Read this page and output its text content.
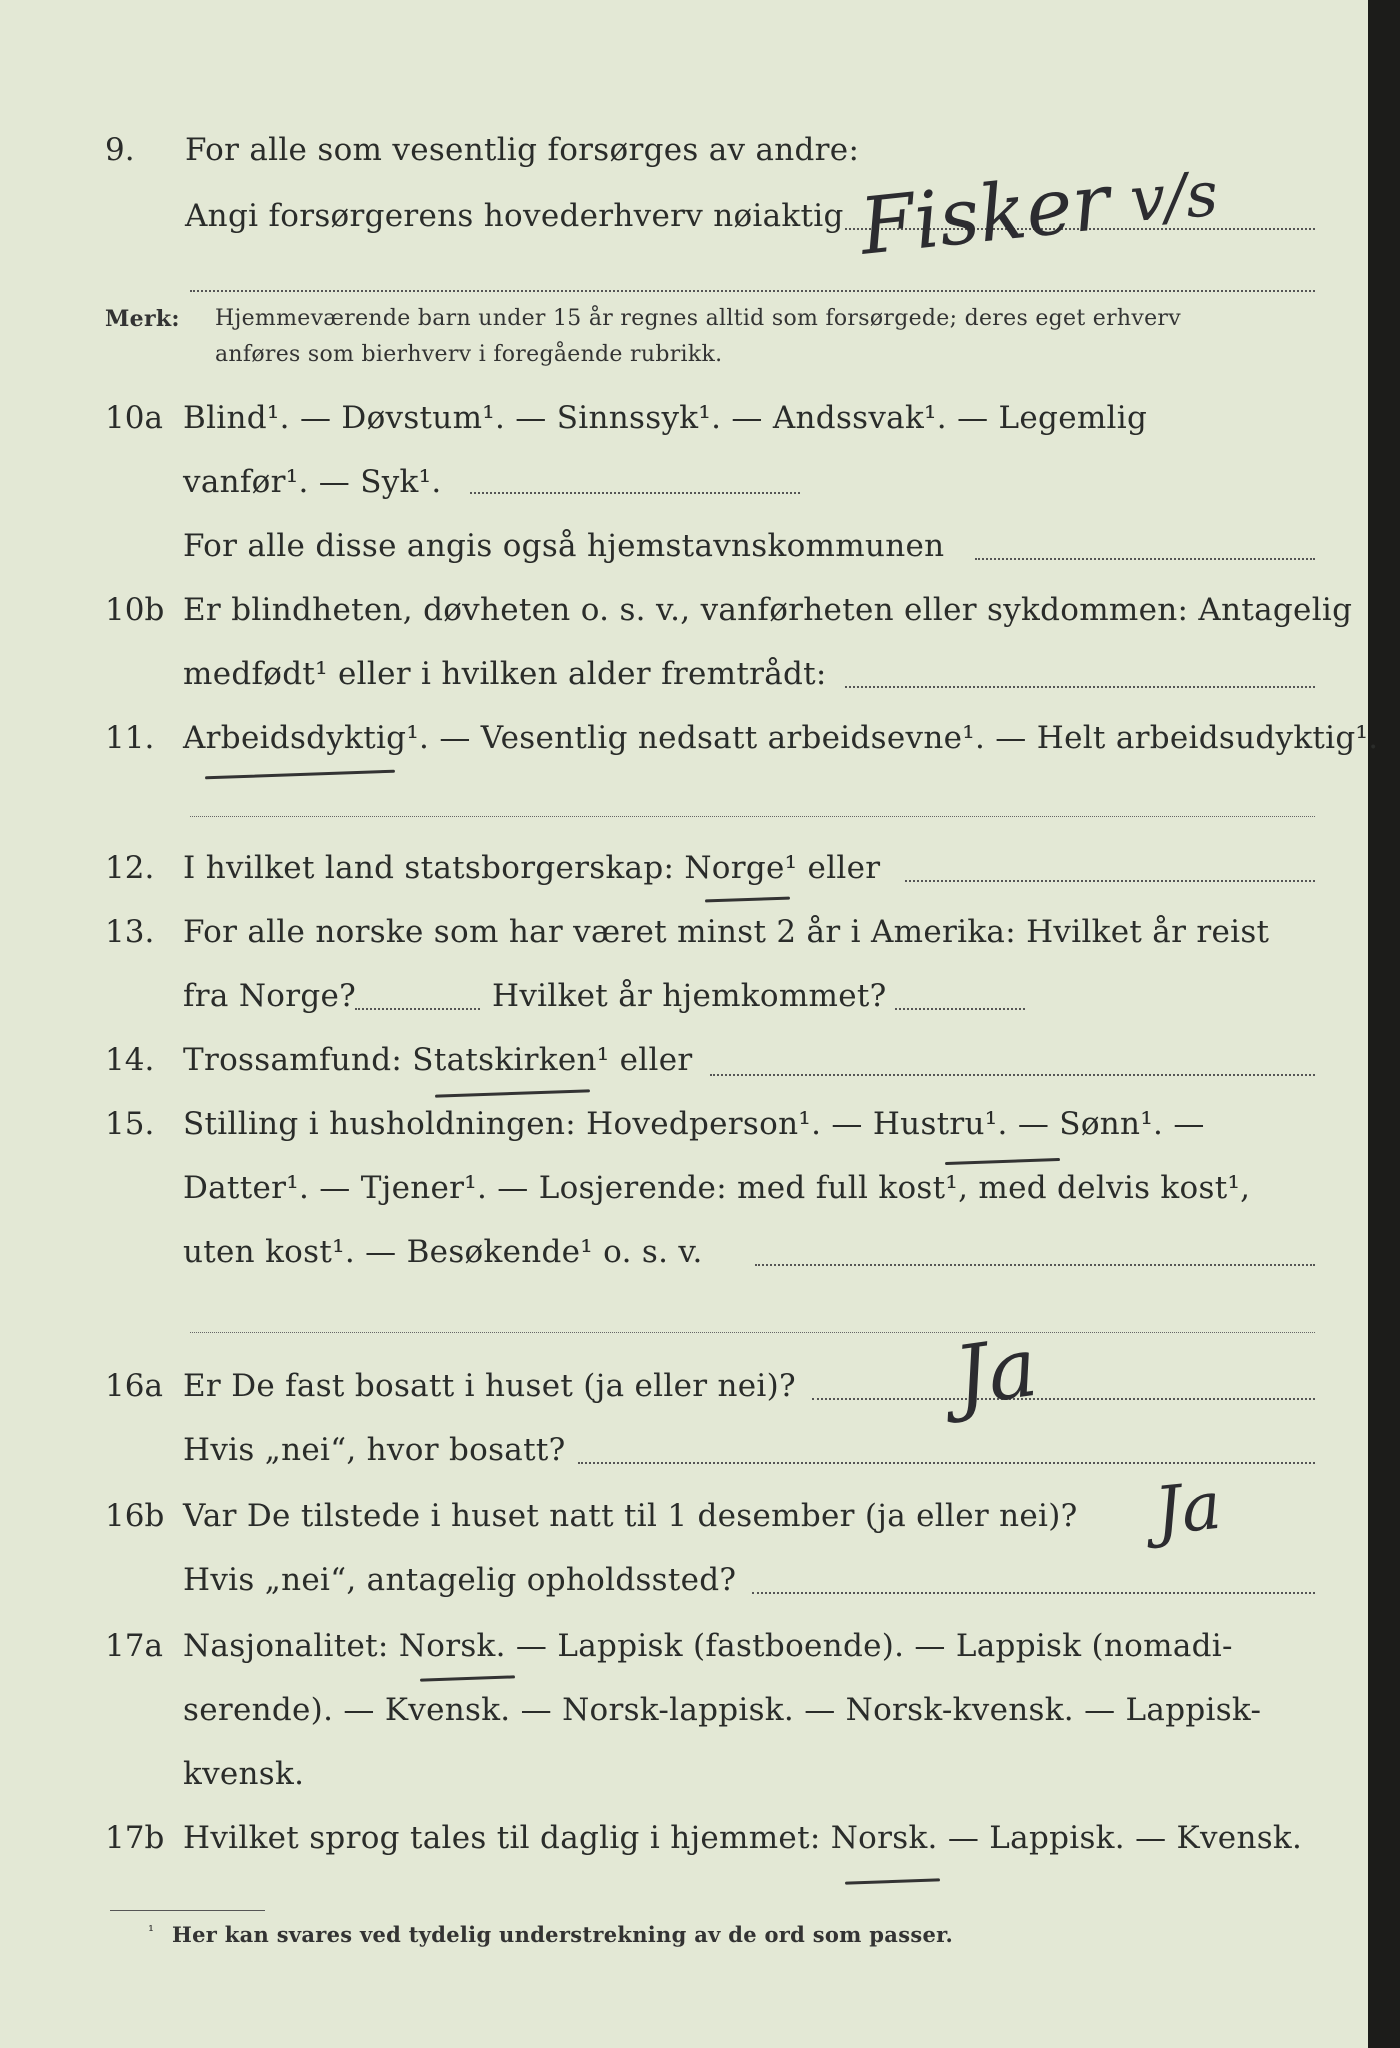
9. For alle som vesentlig forsørges av andre:
Angi forsørgerens hovederhverv nøiaktig Fisker v/s
Merk: Hjemmeværende barn under 15 år regnes alltid som forsørgede; deres eget erhverv
anføres som bierhverv i foregående rubrikk.
10a Blind¹. — Døvstum¹. — Sinnssyk¹. — Andssvak¹. — Legemlig
vanfør¹. — Syk¹.
For alle disse angis også hjemstavnskommunen
10b Er blindheten, døvheten o. s. v., vanførheten eller sykdommen: Antagelig
medfødt¹ eller i hvilken alder fremtrådt:
11. Arbeidsdyktig¹. — Vesentlig nedsatt arbeidsevne¹. — Helt arbeidsudyktig¹.
12. I hvilket land statsborgerskap: Norge¹ eller
13. For alle norske som har været minst 2 år i Amerika: Hvilket år reist
fra Norge?	Hvilket år hjemkommet?
14. Trossamfund: Statskirken¹ eller
15. Stilling i husholdningen: Hovedperson¹. — Hustru¹. — Sønn¹. —
Datter¹. — Tjener¹. — Losjerende: med full kost¹, med delvis kost¹,
uten kost¹. — Besøkende¹ o. s. v.
16a Er De fast bosatt i huset (ja eller nei)? Ja
Hvis „nei“, hvor bosatt?
16b Var De tilstede i huset natt til 1 desember (ja eller nei)? Ja
Hvis „nei“, antagelig opholdssted?
17a Nasjonalitet: Norsk. — Lappisk (fastboende). — Lappisk (nomadi-
serende). — Kvensk. — Norsk-lappisk. — Norsk-kvensk. — Lappisk-
kvensk.
17b Hvilket sprog tales til daglig i hjemmet: Norsk. — Lappisk. — Kvensk.
¹ Her kan svares ved tydelig understrekning av de ord som passer.
